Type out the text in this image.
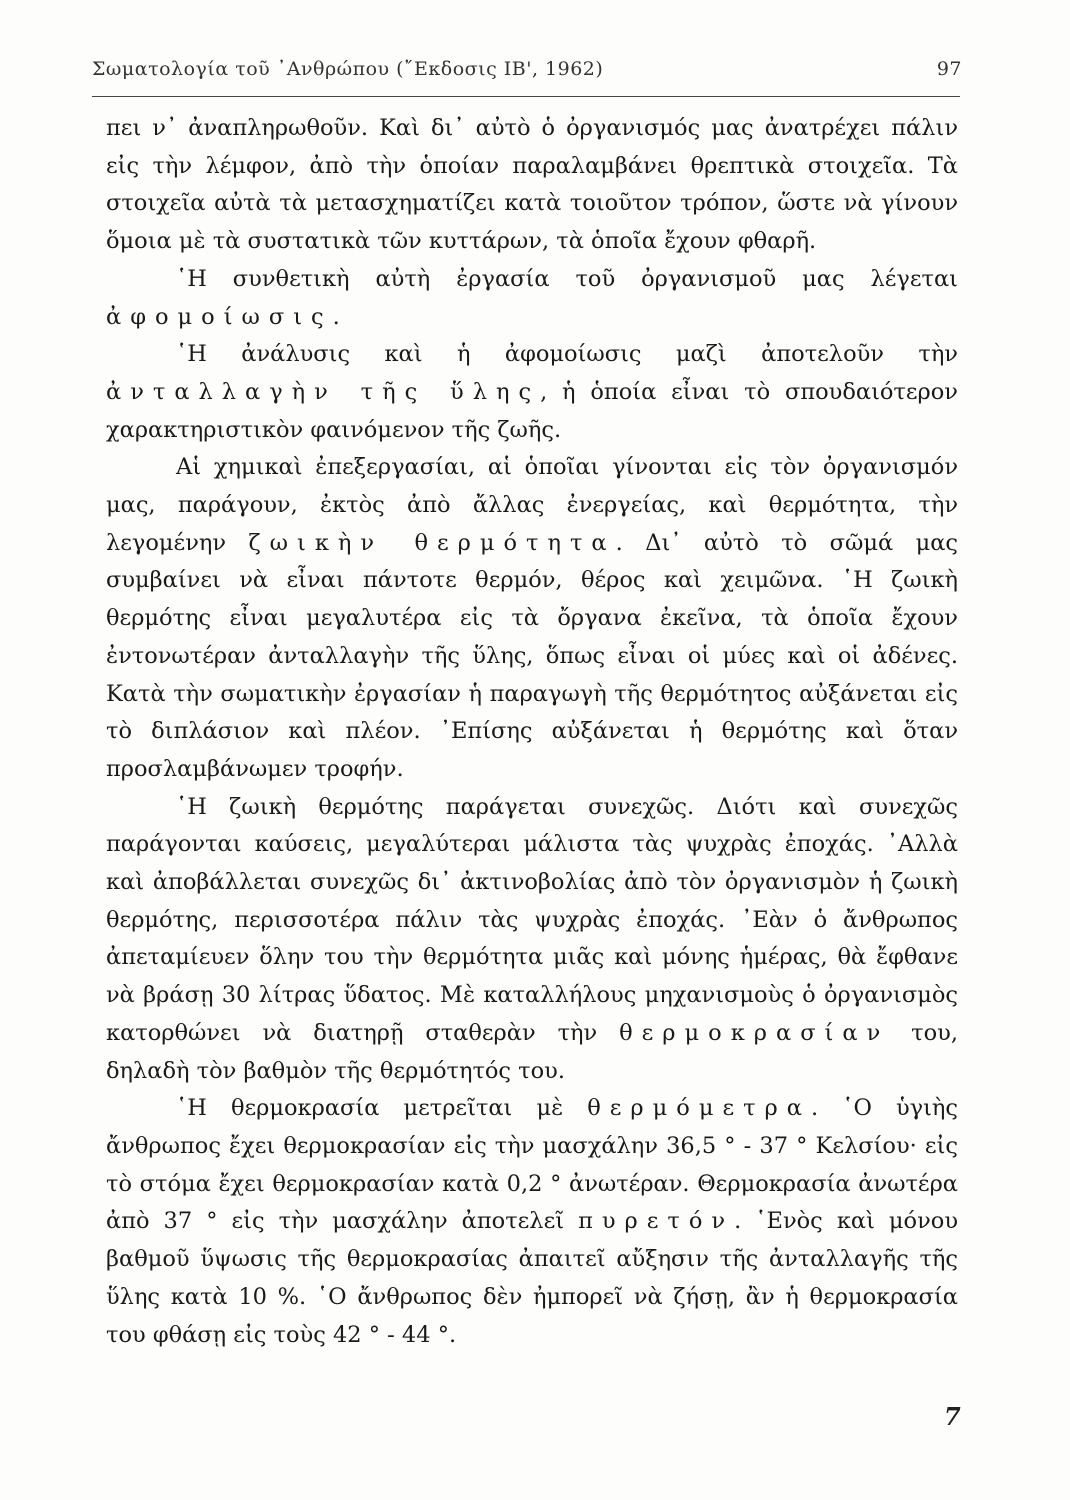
Σωματολογία τοῦ ᾿Ανθρώπου (῎Εκδοσις ΙΒ', 1962)	97

πει ν᾿ ἀναπληρωθοῦν. Καὶ δι᾿ αὐτὸ ὁ ὀργανισμός μας ἀνατρέχει πάλιν εἰς τὴν λέμφον, ἀπὸ τὴν ὁποίαν παραλαμβάνει θρεπτικὰ στοιχεῖα. Τὰ στοιχεῖα αὐτὰ τὰ μετασχηματίζει κατὰ τοιοῦτον τρόπον, ὥστε νὰ γίνουν ὅμοια μὲ τὰ συστατικὰ τῶν κυττάρων, τὰ ὁποῖα ἔχουν φθαρῆ.

῾Η συνθετικὴ αὐτὴ ἐργασία τοῦ ὀργανισμοῦ μας λέγεται ἀφομοίωσις.

῾Η ἀνάλυσις καὶ ἡ ἀφομοίωσις μαζὶ ἀποτελοῦν τὴν ἀνταλλαγὴν τῆς ὕλης, ἡ ὁποία εἶναι τὸ σπουδαιότερον χαρακτηριστικὸν φαινόμενον τῆς ζωῆς.

Αἱ χημικαὶ ἐπεξεργασίαι, αἱ ὁποῖαι γίνονται εἰς τὸν ὀργανισμόν μας, παράγουν, ἐκτὸς ἀπὸ ἄλλας ἐνεργείας, καὶ θερμότητα, τὴν λεγομένην ζωικὴν θερμότητα. Δι᾿ αὐτὸ τὸ σῶμά μας συμβαίνει νὰ εἶναι πάντοτε θερμόν, θέρος καὶ χειμῶνα. ῾Η ζωικὴ θερμότης εἶναι μεγαλυτέρα εἰς τὰ ὄργανα ἐκεῖνα, τὰ ὁποῖα ἔχουν ἐντονωτέραν ἀνταλλαγὴν τῆς ὕλης, ὅπως εἶναι οἱ μύες καὶ οἱ ἀδένες. Κατὰ τὴν σωματικὴν ἐργασίαν ἡ παραγωγὴ τῆς θερμότητος αὐξάνεται εἰς τὸ διπλάσιον καὶ πλέον. ᾿Επίσης αὐξάνεται ἡ θερμότης καὶ ὅταν προσλαμβάνωμεν τροφήν.

῾Η ζωικὴ θερμότης παράγεται συνεχῶς. Διότι καὶ συνεχῶς παράγονται καύσεις, μεγαλύτεραι μάλιστα τὰς ψυχρὰς ἐποχάς. ᾿Αλλὰ καὶ ἀποβάλλεται συνεχῶς δι᾿ ἀκτινοβολίας ἀπὸ τὸν ὀργανισμὸν ἡ ζωικὴ θερμότης, περισσοτέρα πάλιν τὰς ψυχρὰς ἐποχάς. ᾿Εὰν ὁ ἄνθρωπος ἀπεταμίευεν ὅλην του τὴν θερμότητα μιᾶς καὶ μόνης ἡμέρας, θὰ ἔφθανε νὰ βράσῃ 30 λίτρας ὕδατος. Μὲ καταλλήλους μηχανισμοὺς ὁ ὀργανισμὸς κατορθώνει νὰ διατηρῇ σταθερὰν τὴν θερμοκρασίαν του, δηλαδὴ τὸν βαθμὸν τῆς θερμότητός του.

῾Η θερμοκρασία μετρεῖται μὲ θερμόμετρα. ῾Ο ὑγιὴς ἄνθρωπος ἔχει θερμοκρασίαν εἰς τὴν μασχάλην 36,5 ° - 37 ° Κελσίου· εἰς τὸ στόμα ἔχει θερμοκρασίαν κατὰ 0,2 ° ἀνωτέραν. Θερμοκρασία ἀνωτέρα ἀπὸ 37 ° εἰς τὴν μασχάλην ἀποτελεῖ πυρετόν. ῾Ενὸς καὶ μόνου βαθμοῦ ὕψωσις τῆς θερμοκρασίας ἀπαιτεῖ αὔξησιν τῆς ἀνταλλαγῆς τῆς ὕλης κατὰ 10 %. ῾Ο ἄνθρωπος δὲν ἠμπορεῖ νὰ ζήσῃ, ἂν ἡ θερμοκρασία του φθάσῃ εἰς τοὺς 42 ° - 44 °.

7
